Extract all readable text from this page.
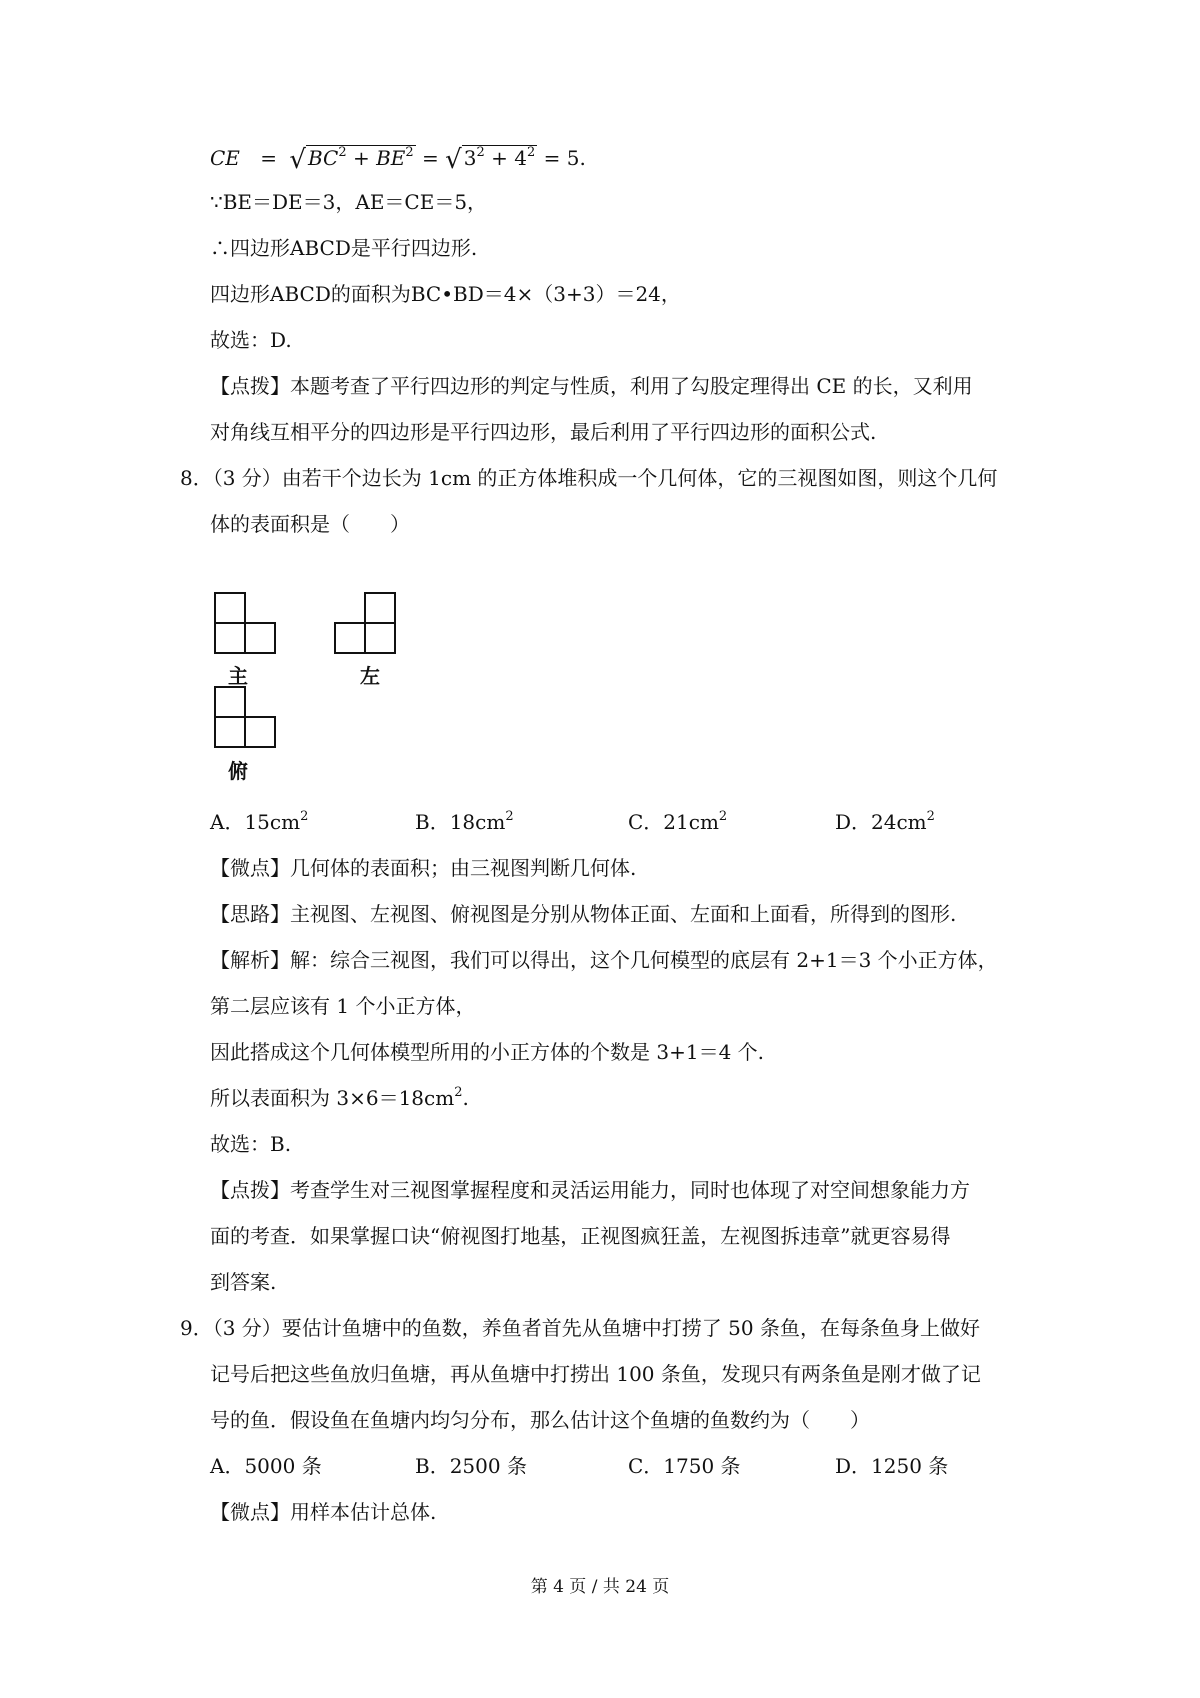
CE = √ $BC^2 + BE^2$ = √ $3^2 + 4^2 = 5$.
∵BE＝DE＝3，AE＝CE＝5，
∴四边形ABCD是平行四边形.
四边形ABCD的面积为BC•BD＝4×（3+3）＝24，
故选：D.
【点拨】本题考查了平行四边形的判定与性质，利用了勾股定理得出 CE 的长，又利用
对角线互相平分的四边形是平行四边形，最后利用了平行四边形的面积公式.
8．（3 分）由若干个边长为 1cm 的正方体堆积成一个几何体，它的三视图如图，则这个几何
体的表面积是（　　）
主	左
俯
A．$15cm^2$	B．$18cm^2$	C．$21cm^2$	D．$24cm^2$
【微点】几何体的表面积；由三视图判断几何体.
【思路】主视图、左视图、俯视图是分别从物体正面、左面和上面看，所得到的图形.
【解析】解：综合三视图，我们可以得出，这个几何模型的底层有 2+1＝3 个小正方体，
第二层应该有 1 个小正方体，
因此搭成这个几何体模型所用的小正方体的个数是 3+1＝4 个.
所以表面积为 $3\times 6=18cm^2$.
故选：B.
【点拨】考查学生对三视图掌握程度和灵活运用能力，同时也体现了对空间想象能力方
面的考查．如果掌握口诀“俯视图打地基，正视图疯狂盖，左视图拆违章”就更容易得
到答案.
9．（3 分）要估计鱼塘中的鱼数，养鱼者首先从鱼塘中打捞了 50 条鱼，在每条鱼身上做好
记号后把这些鱼放归鱼塘，再从鱼塘中打捞出 100 条鱼，发现只有两条鱼是刚才做了记
号的鱼．假设鱼在鱼塘内均匀分布，那么估计这个鱼塘的鱼数约为（　　）
A．5000 条	B．2500 条	C．1750 条	D．1250 条
【微点】用样本估计总体.
第 4 页 / 共 24 页
